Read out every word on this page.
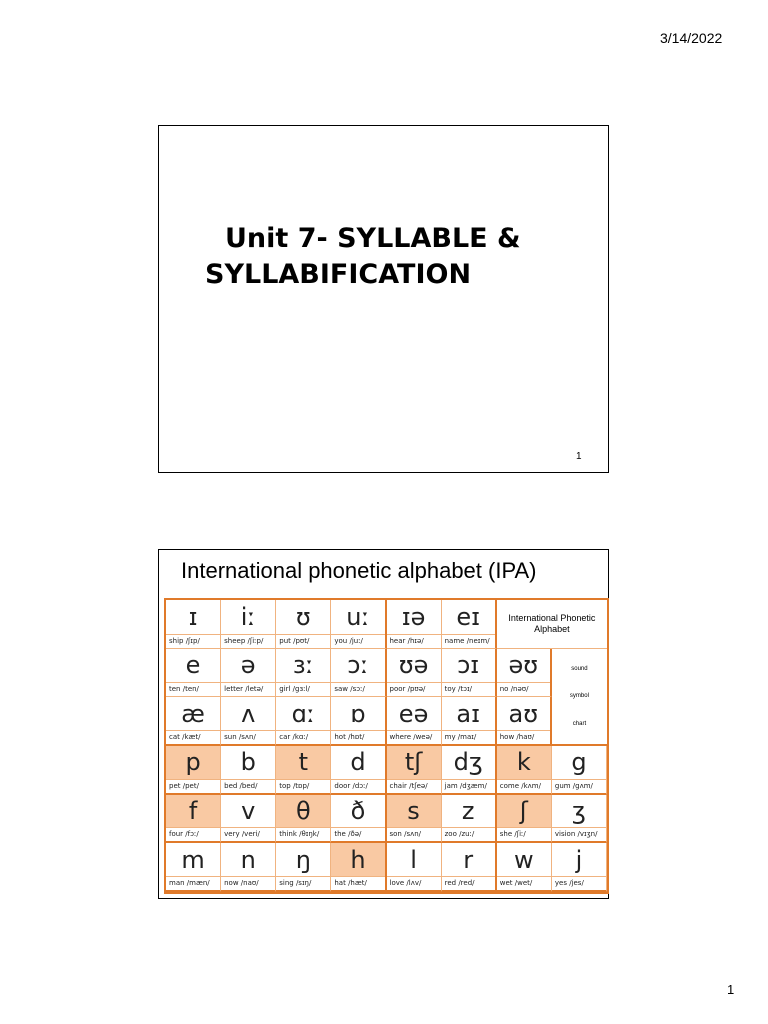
3/14/2022
Unit 7- SYLLABLE &
SYLLABIFICATION
1
International phonetic alphabet (IPA)
International Phonetic Alphabet
sound
symbol
chart
ɪ
ship /ʃɪp/
iː
sheep /ʃiːp/
ʊ
put /pʊt/
uː
you /juː/
ɪə
hear /hɪə/
eɪ
name /neɪm/
e
ten /ten/
ə
letter /letə/
ɜː
girl /gɜːl/
ɔː
saw /sɔː/
ʊə
poor /pʊə/
ɔɪ
toy /tɔɪ/
əʊ
no /nəʊ/
æ
cat /kæt/
ʌ
sun /sʌn/
ɑː
car /kɑː/
ɒ
hot /hɒt/
eə
where /weə/
aɪ
my /maɪ/
aʊ
how /haʊ/
p
pet /pet/
b
bed /bed/
t
top /tɒp/
d
door /dɔː/
tʃ
chair /tʃeə/
dʒ
jam /dʒæm/
k
come /kʌm/
g
gum /gʌm/
f
four /fɔː/
v
very /veri/
θ
think /θɪŋk/
ð
the /ðə/
s
son /sʌn/
z
zoo /zuː/
ʃ
she /ʃiː/
ʒ
vision /vɪʒn/
m
man /mæn/
n
now /naʊ/
ŋ
sing /sɪŋ/
h
hat /hæt/
l
love /lʌv/
r
red /red/
w
wet /wet/
j
yes /jes/
1
